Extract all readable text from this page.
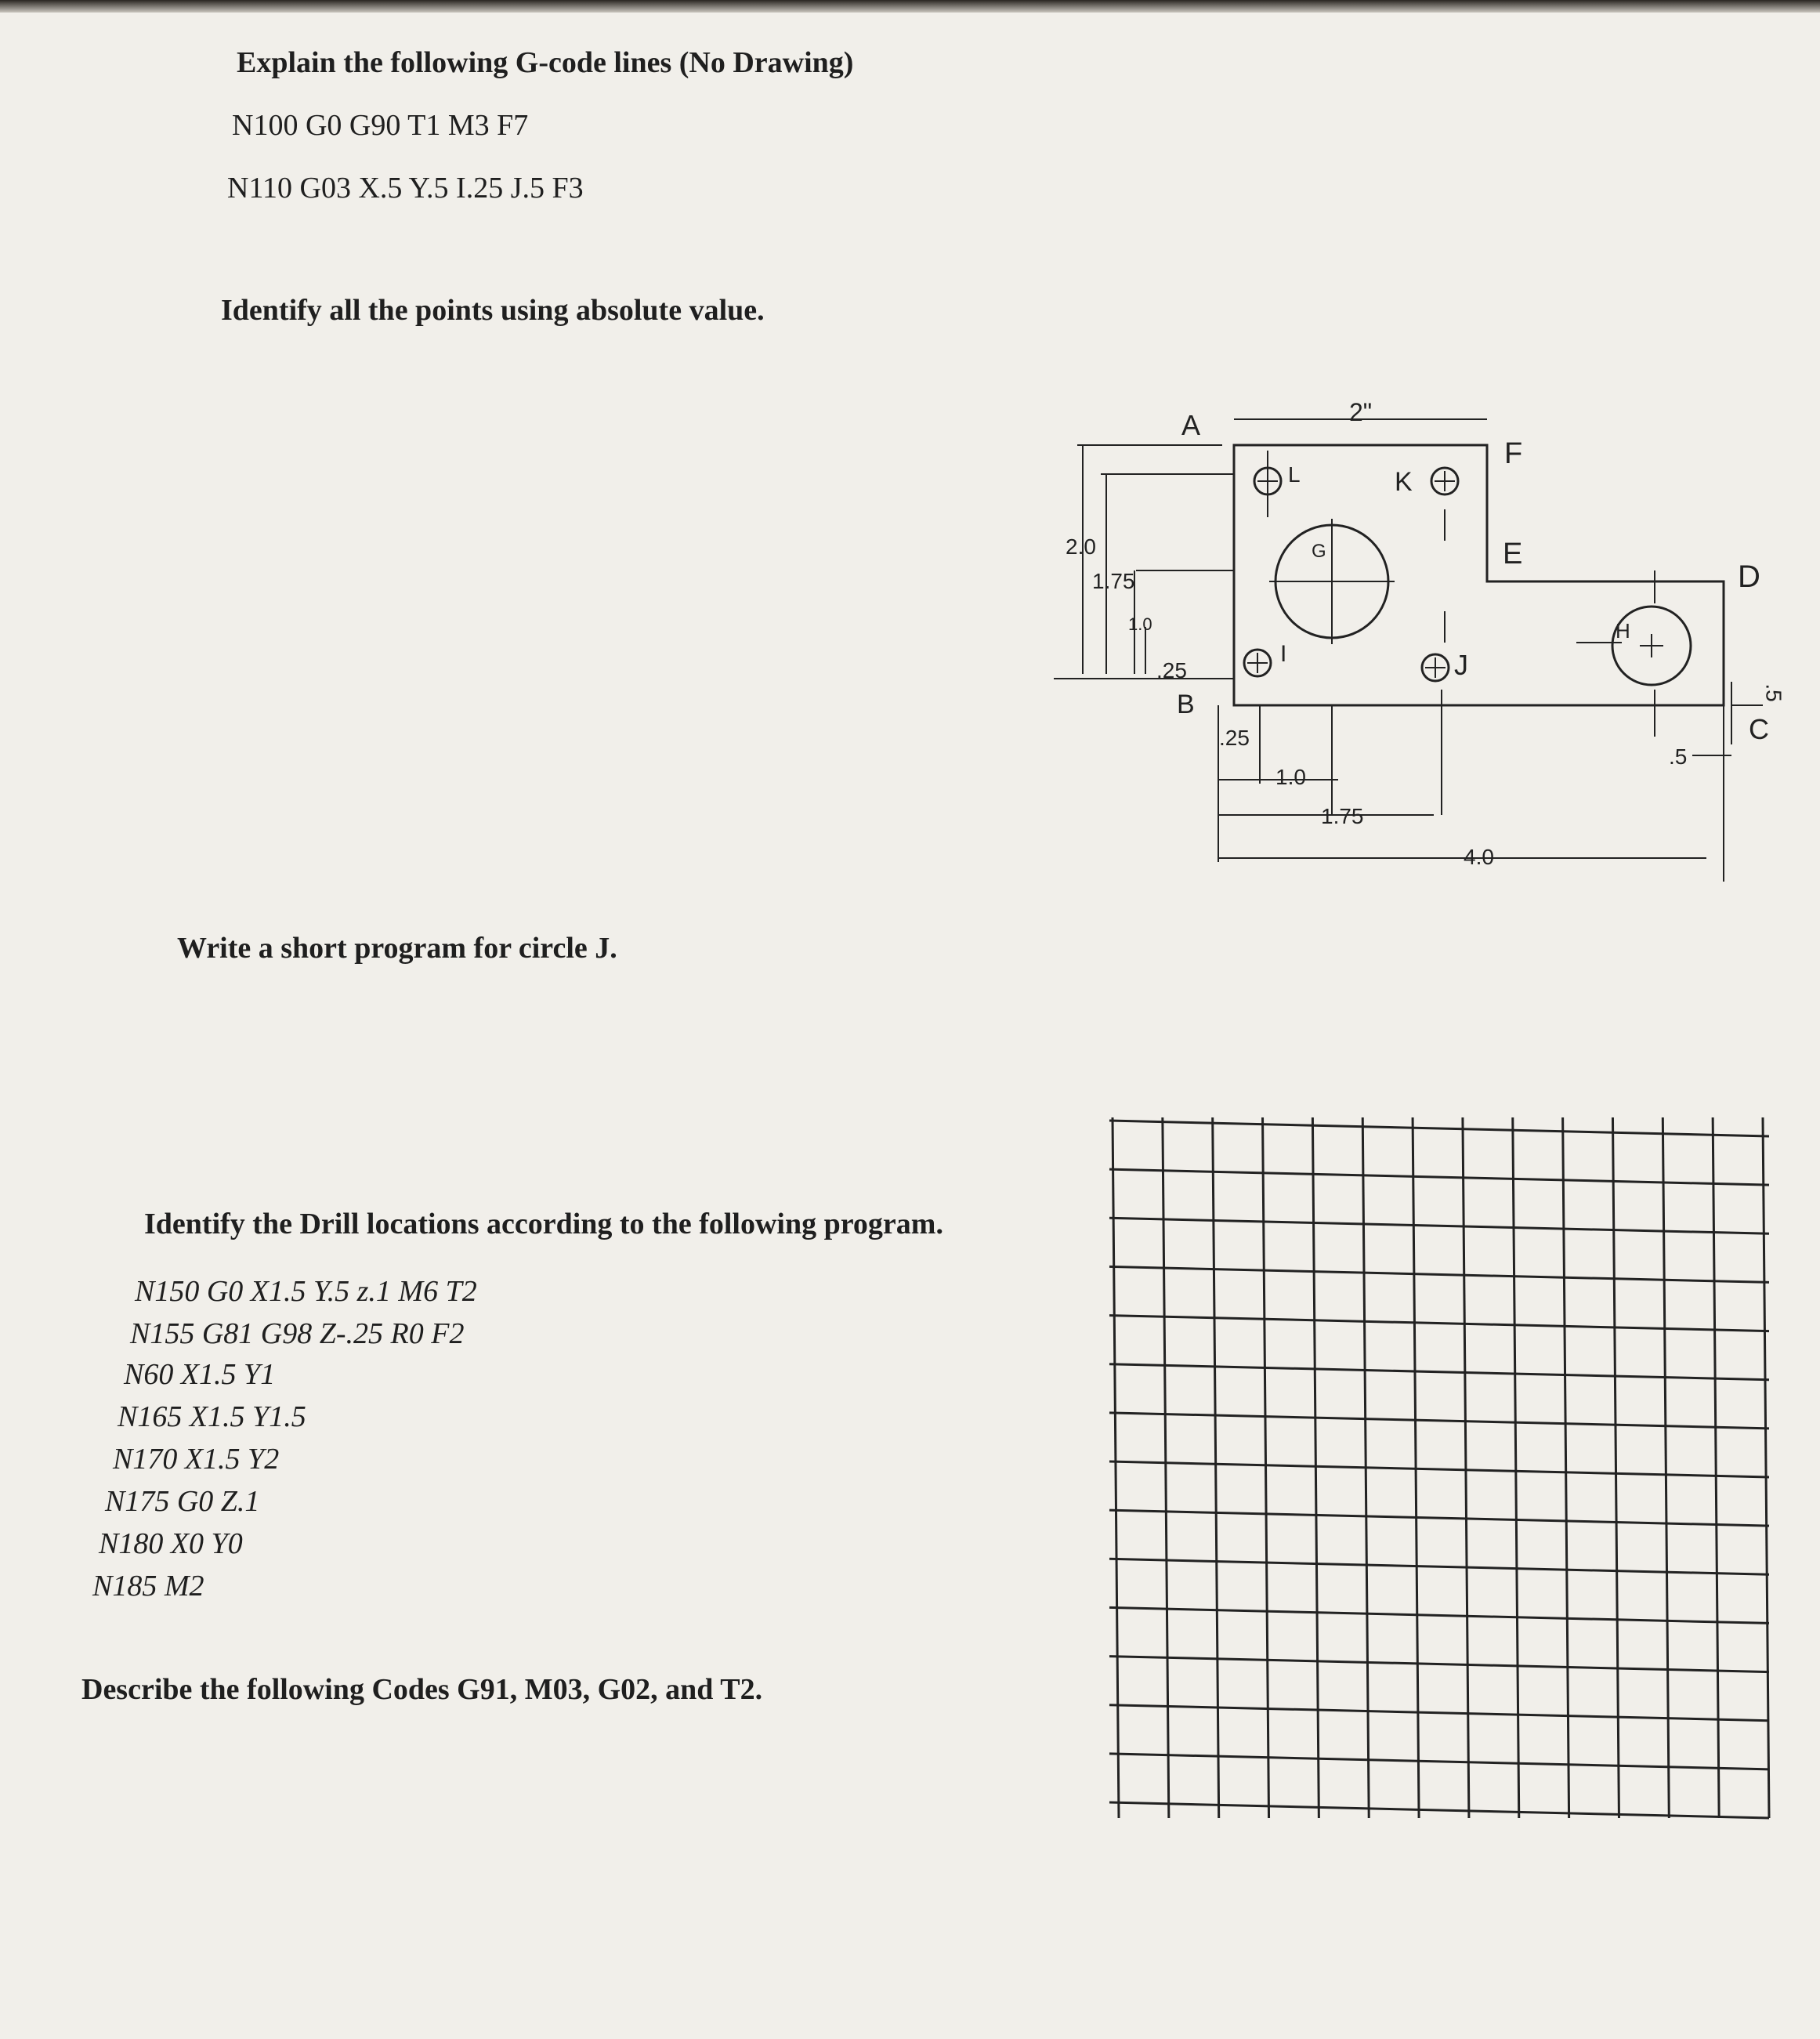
Explain the following G-code lines (No Drawing)
N100 G0 G90 T1 M3 F7
N110 G03 X.5 Y.5 I.25 J.5 F3
Identify all the points using absolute value.
Write a short program for circle J.
Identify the Drill locations according to the following program.
N150 G0 X1.5 Y.5 z.1 M6 T2
N155 G81 G98 Z-.25 R0 F2
N60 X1.5 Y1
N165 X1.5 Y1.5
N170 X1.5 Y2
N175 G0 Z.1
N180 X0 Y0
N185 M2
Describe the following Codes G91, M03, G02, and T2.
A
B
C
D
E
F
G
H
I	J
K
L
2"
2.0
1.75
1.0
.25
.25
1.0
1.75
4.0
.5
.5
